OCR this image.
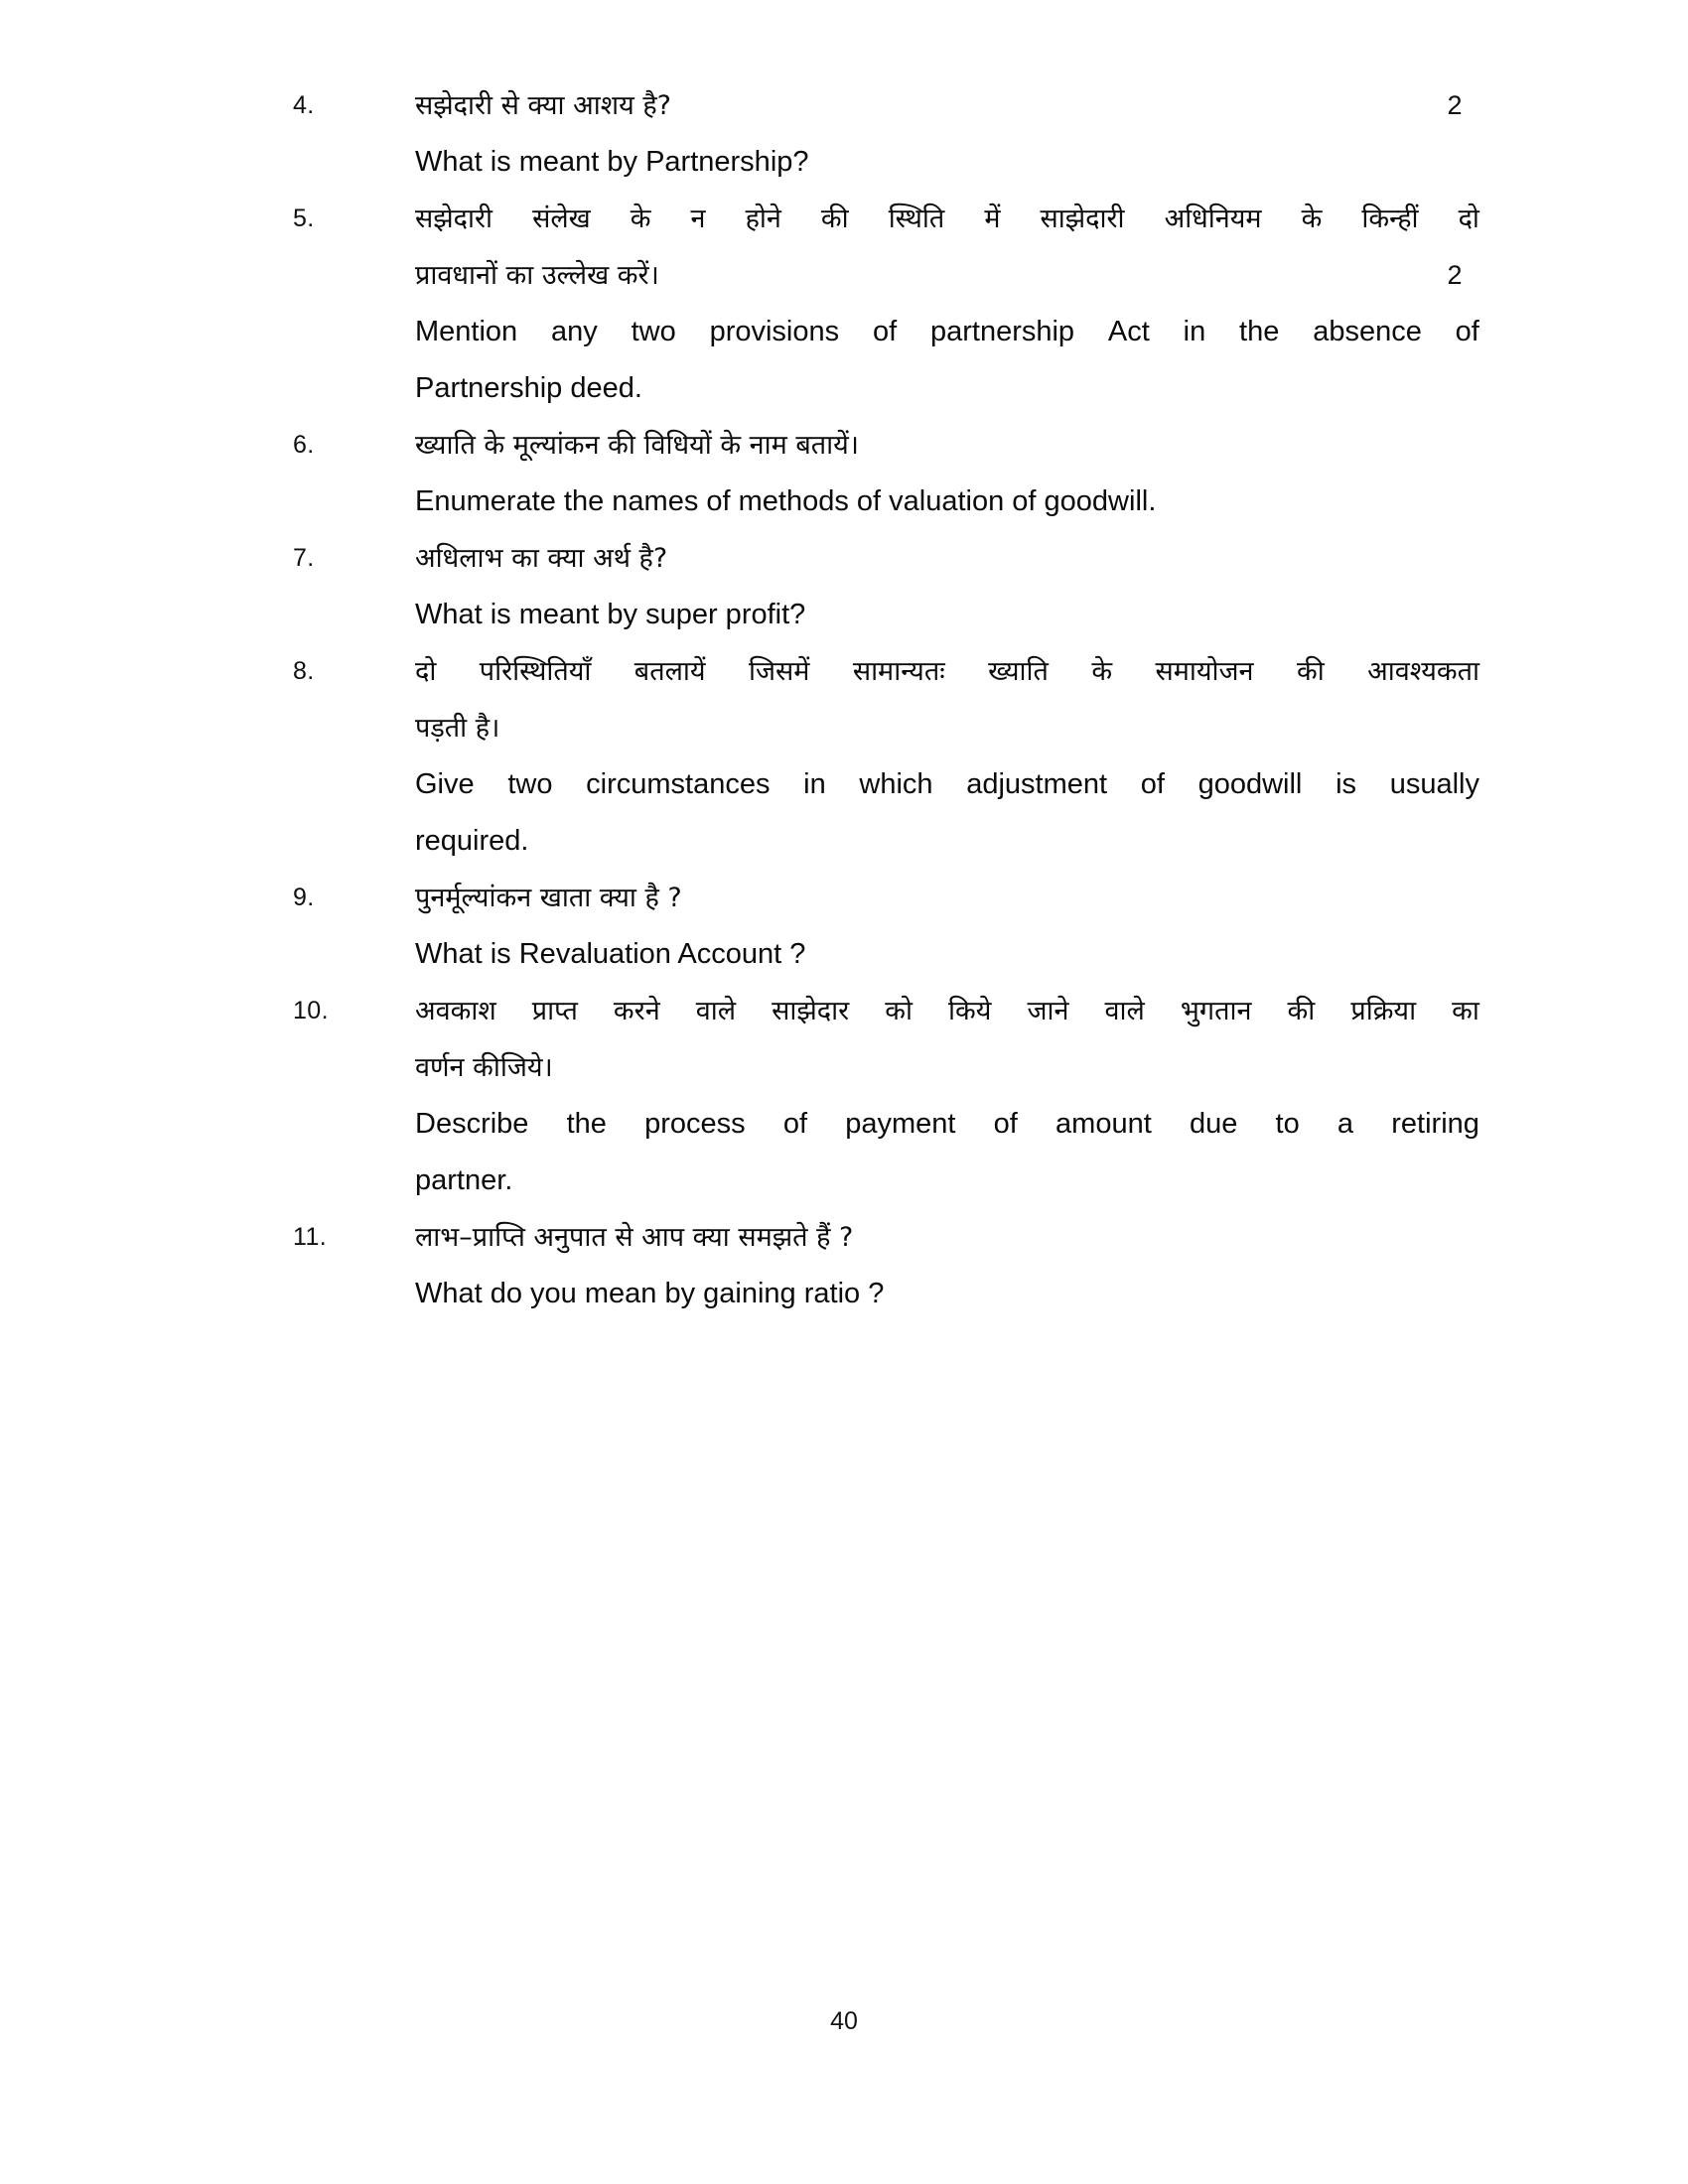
4.	2
सझेदारी से क्या आशय है?
What is meant by Partnership?
5.
2
सझेदारी संलेख के न होने की स्थिति में साझेदारी अधिनियम के किन्हीं दो
प्रावधानों का उल्लेख करें।
Mention any two provisions of partnership Act in the absence of
Partnership deed.
6.	ख्याति के मूल्यांकन की विधियों के नाम बतायें।
Enumerate the names of methods of valuation of goodwill.
7.	अधिलाभ का क्या अर्थ है?
What is meant by super profit?
8.	दो परिस्थितियाँ बतलायें जिसमें सामान्यतः ख्याति के समायोजन की आवश्यकता
पड़ती है।
Give two circumstances in which adjustment of goodwill is usually
required.
9.	पुनर्मूल्यांकन खाता क्या है ?
What is Revaluation Account ?
10.	अवकाश प्राप्त करने वाले साझेदार को किये जाने वाले भुगतान की प्रक्रिया का
वर्णन कीजिये।
Describe the process of payment of amount due to a retiring
partner.
11.	लाभ–प्राप्ति अनुपात से आप क्या समझते हैं ?
What do you mean by gaining ratio ?
40
